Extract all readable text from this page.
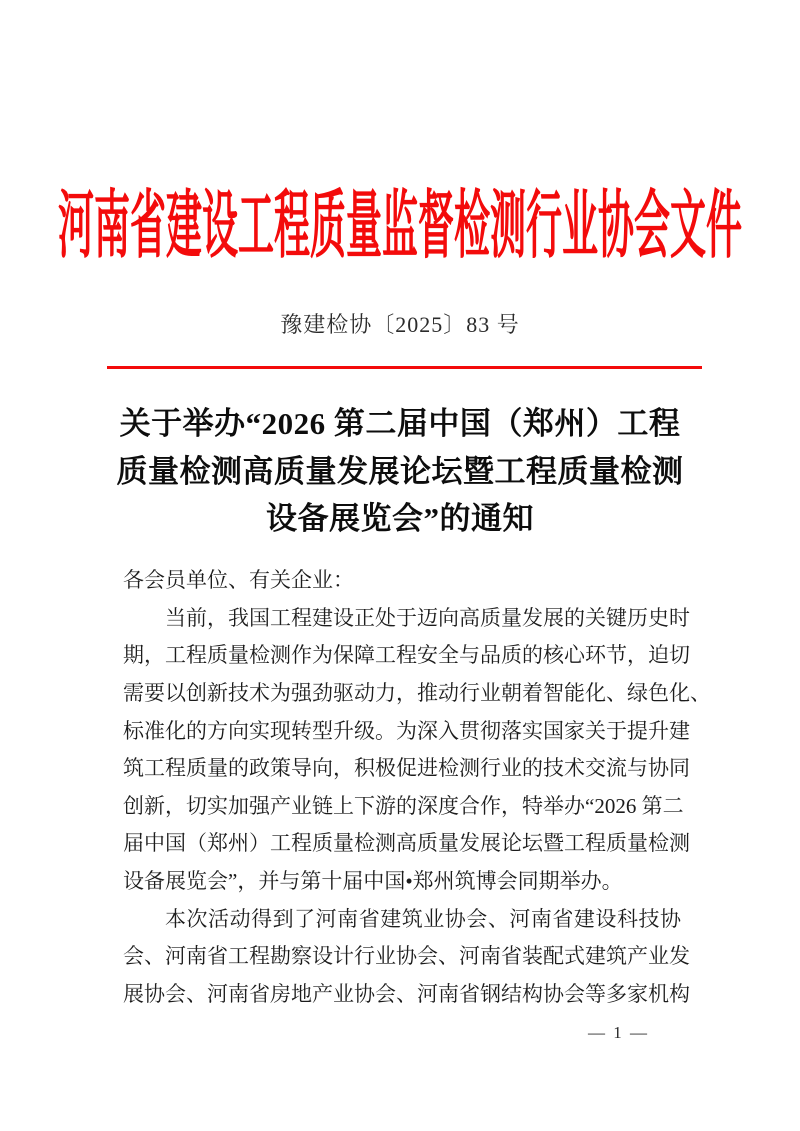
河南省建设工程质量监督检测行业协会文件
豫建检协〔2025〕83 号
关于举办“2026 第二届中国（郑州）工程
质量检测高质量发展论坛暨工程质量检测
设备展览会”的通知
各会员单位、有关企业：
当前，我国工程建设正处于迈向高质量发展的关键历史时
期，工程质量检测作为保障工程安全与品质的核心环节，迫切
需要以创新技术为强劲驱动力，推动行业朝着智能化、绿色化、
标准化的方向实现转型升级。为深入贯彻落实国家关于提升建
筑工程质量的政策导向，积极促进检测行业的技术交流与协同
创新，切实加强产业链上下游的深度合作，特举办“2026 第二
届中国（郑州）工程质量检测高质量发展论坛暨工程质量检测
设备展览会”，并与第十届中国•郑州筑博会同期举办。
本次活动得到了河南省建筑业协会、河南省建设科技协
会、河南省工程勘察设计行业协会、河南省装配式建筑产业发
展协会、河南省房地产业协会、河南省钢结构协会等多家机构
— 1 —
